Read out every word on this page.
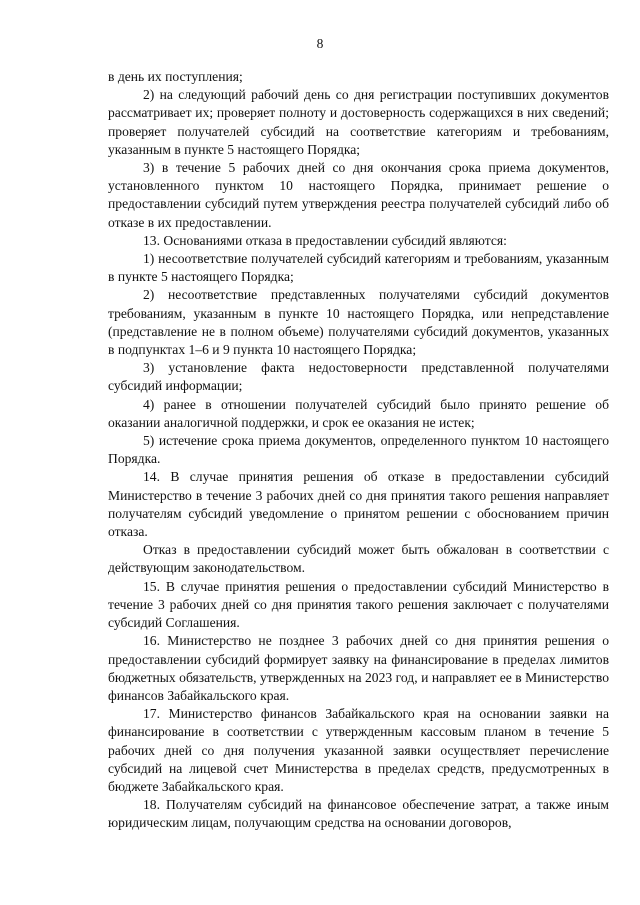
8

в день их поступления;

2) на следующий рабочий день со дня регистрации поступивших документов рассматривает их; проверяет полноту и достоверность содержащихся в них сведений; проверяет получателей субсидий на соответствие категориям и требованиям, указанным в пункте 5 настоящего Порядка;

3) в течение 5 рабочих дней со дня окончания срока приема документов, установленного пунктом 10 настоящего Порядка, принимает решение о предоставлении субсидий путем утверждения реестра получателей субсидий либо об отказе в их предоставлении.

13. Основаниями отказа в предоставлении субсидий являются:

1) несоответствие получателей субсидий категориям и требованиям, указанным в пункте 5 настоящего Порядка;

2) несоответствие представленных получателями субсидий документов требованиям, указанным в пункте 10 настоящего Порядка, или непредставление (представление не в полном объеме) получателями субсидий документов, указанных в подпунктах 1–6 и 9 пункта 10 настоящего Порядка;

3) установление факта недостоверности представленной получателями субсидий информации;

4) ранее в отношении получателей субсидий было принято решение об оказании аналогичной поддержки, и срок ее оказания не истек;

5) истечение срока приема документов, определенного пунктом 10 настоящего Порядка.

14. В случае принятия решения об отказе в предоставлении субсидий Министерство в течение 3 рабочих дней со дня принятия такого решения направляет получателям субсидий уведомление о принятом решении с обоснованием причин отказа.

Отказ в предоставлении субсидий может быть обжалован в соответствии с действующим законодательством.

15. В случае принятия решения о предоставлении субсидий Министерство в течение 3 рабочих дней со дня принятия такого решения заключает с получателями субсидий Соглашения.

16. Министерство не позднее 3 рабочих дней со дня принятия решения о предоставлении субсидий формирует заявку на финансирование в пределах лимитов бюджетных обязательств, утвержденных на 2023 год, и направляет ее в Министерство финансов Забайкальского края.

17. Министерство финансов Забайкальского края на основании заявки на финансирование в соответствии с утвержденным кассовым планом в течение 5 рабочих дней со дня получения указанной заявки осуществляет перечисление субсидий на лицевой счет Министерства в пределах средств, предусмотренных в бюджете Забайкальского края.

18. Получателям субсидий на финансовое обеспечение затрат, а также иным юридическим лицам, получающим средства на основании договоров,
